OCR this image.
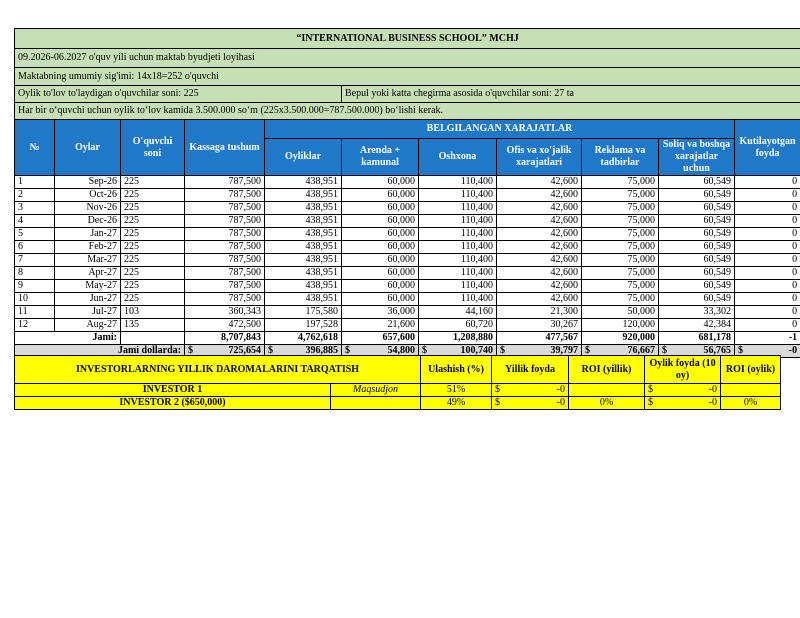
“INTERNATIONAL BUSINESS SCHOOL” MCHJ										
09.2026-06.2027 o'quv yili uchun maktab byudjeti loyihasi										
Maktabning umumiy sig'imi: 14x18=252 o'quvchi										
Oylik to'lov to'laydigan o'quvchilar soni: 225					Bepul yoki katta chegirma asosida o'quvchilar soni: 27 ta					
Har bir o‘quvchi uchun oylik to‘lov kamida 3.500.000 so‘m (225x3.500.000=787.500.000) bo‘lishi kerak.										
№	Oylar	O'quvchi soni	Kassaga tushum	BELGILANGAN XARAJATLAR						Kutilayotgan foyda
				Oyliklar	Arenda + kamunal	Oshxona	Ofis va xo'jalik xarajatlari	Reklama va tadbirlar	Soliq va boshqa xarajatlar uchun	
1	Sep-26	225	787,500	438,951	60,000	110,400	42,600	75,000	60,549	0
2	Oct-26	225	787,500	438,951	60,000	110,400	42,600	75,000	60,549	0
3	Nov-26	225	787,500	438,951	60,000	110,400	42,600	75,000	60,549	0
4	Dec-26	225	787,500	438,951	60,000	110,400	42,600	75,000	60,549	0
5	Jan-27	225	787,500	438,951	60,000	110,400	42,600	75,000	60,549	0
6	Feb-27	225	787,500	438,951	60,000	110,400	42,600	75,000	60,549	0
7	Mar-27	225	787,500	438,951	60,000	110,400	42,600	75,000	60,549	0
8	Apr-27	225	787,500	438,951	60,000	110,400	42,600	75,000	60,549	0
9	May-27	225	787,500	438,951	60,000	110,400	42,600	75,000	60,549	0
10	Jun-27	225	787,500	438,951	60,000	110,400	42,600	75,000	60,549	0
11	Jul-27	103	360,343	175,580	36,000	44,160	21,300	50,000	33,302	0
12	Aug-27	135	472,500	197,528	21,600	60,720	30,267	120,000	42,384	0
Jami:			8,707,843	4,762,618	657,600	1,208,880	477,567	920,000	681,178	-1
Jami dollarda:			$ 725,654	$ 396,885	$ 54,800	$ 100,740	$ 39,797	$ 76,667	$ 56,765	$ -0
INVESTORLARNING YILLIK DAROMALARINI TARQATISH		Ulashish (%)	Yillik foyda	ROI (yillik)	Oylik foyda (10 oy)	ROI (oylik)
INVESTOR 1	Maqsudjon	51%	$ -0		$ -0	

INVESTOR 2 ($650,000)		49%	$ -0	0%	$ -0	0%
